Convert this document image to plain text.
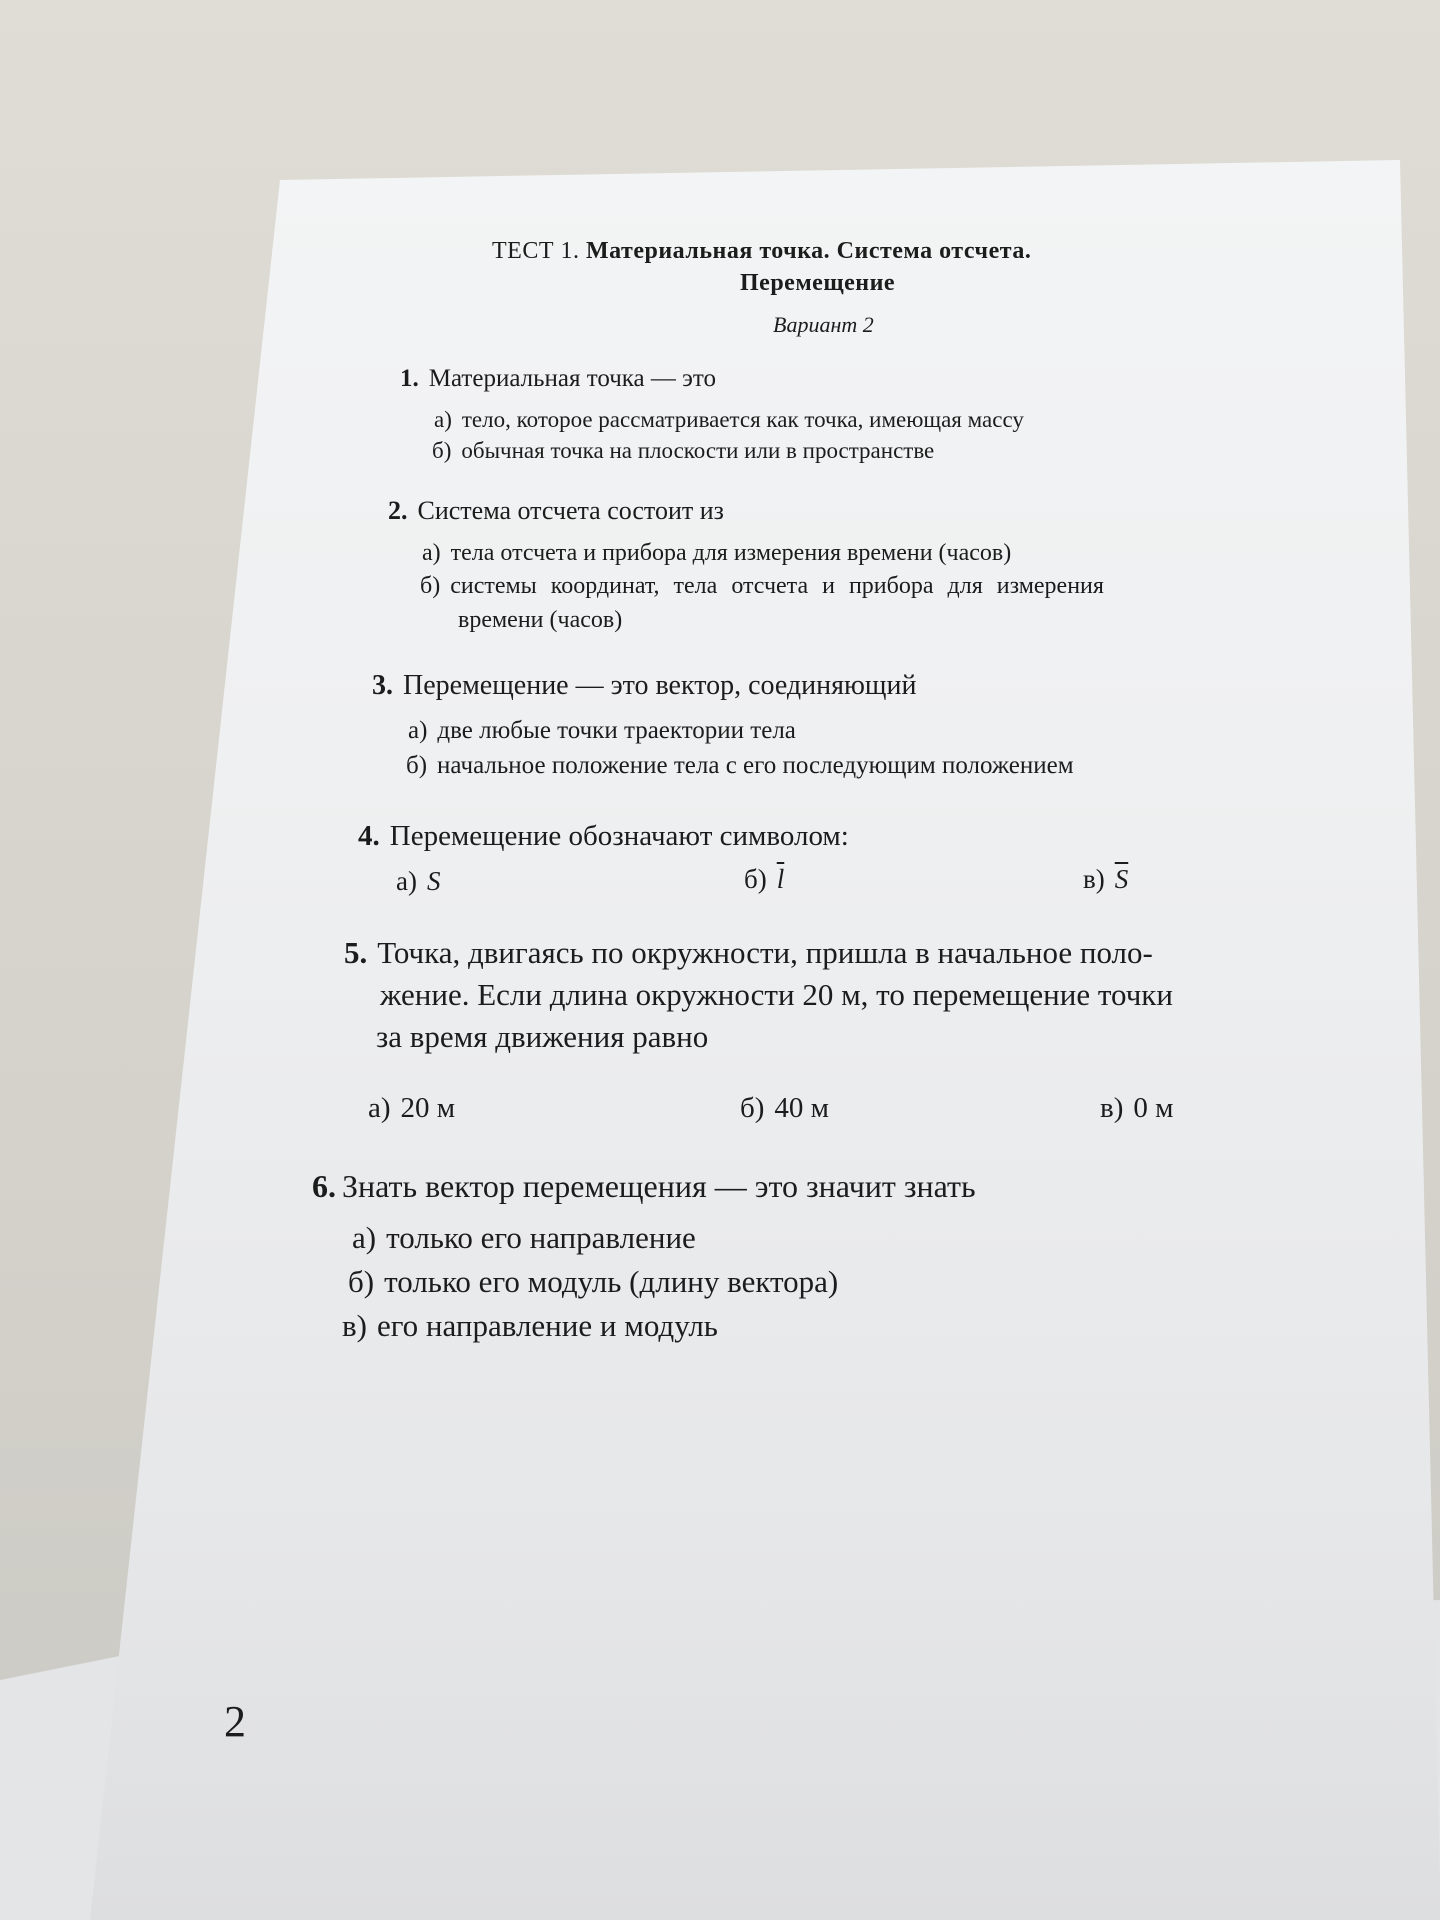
ТЕСТ 1. Материальная точка. Система отсчета.
Перемещение
Вариант 2
1. Материальная точка — это
а) тело, которое рассматривается как точка, имеющая массу
б) обычная точка на плоскости или в пространстве
2. Система отсчета состоит из
а) тела отсчета и прибора для измерения времени (часов)
б) системы координат, тела отсчета и прибора для измерения
времени (часов)
3. Перемещение — это вектор, соединяющий
а) две любые точки траектории тела
б) начальное положение тела с его последующим положением
4. Перемещение обозначают символом:
а) S	б) $\overline{l}$	в) $\overline{S}$
5. Точка, двигаясь по окружности, пришла в начальное поло-
жение. Если длина окружности 20 м, то перемещение точки
за время движения равно
а) 20 м	б) 40 м	в) 0 м
6. Знать вектор перемещения — это значит знать
а) только его направление
б) только его модуль (длину вектора)
в) его направление и модуль
2
